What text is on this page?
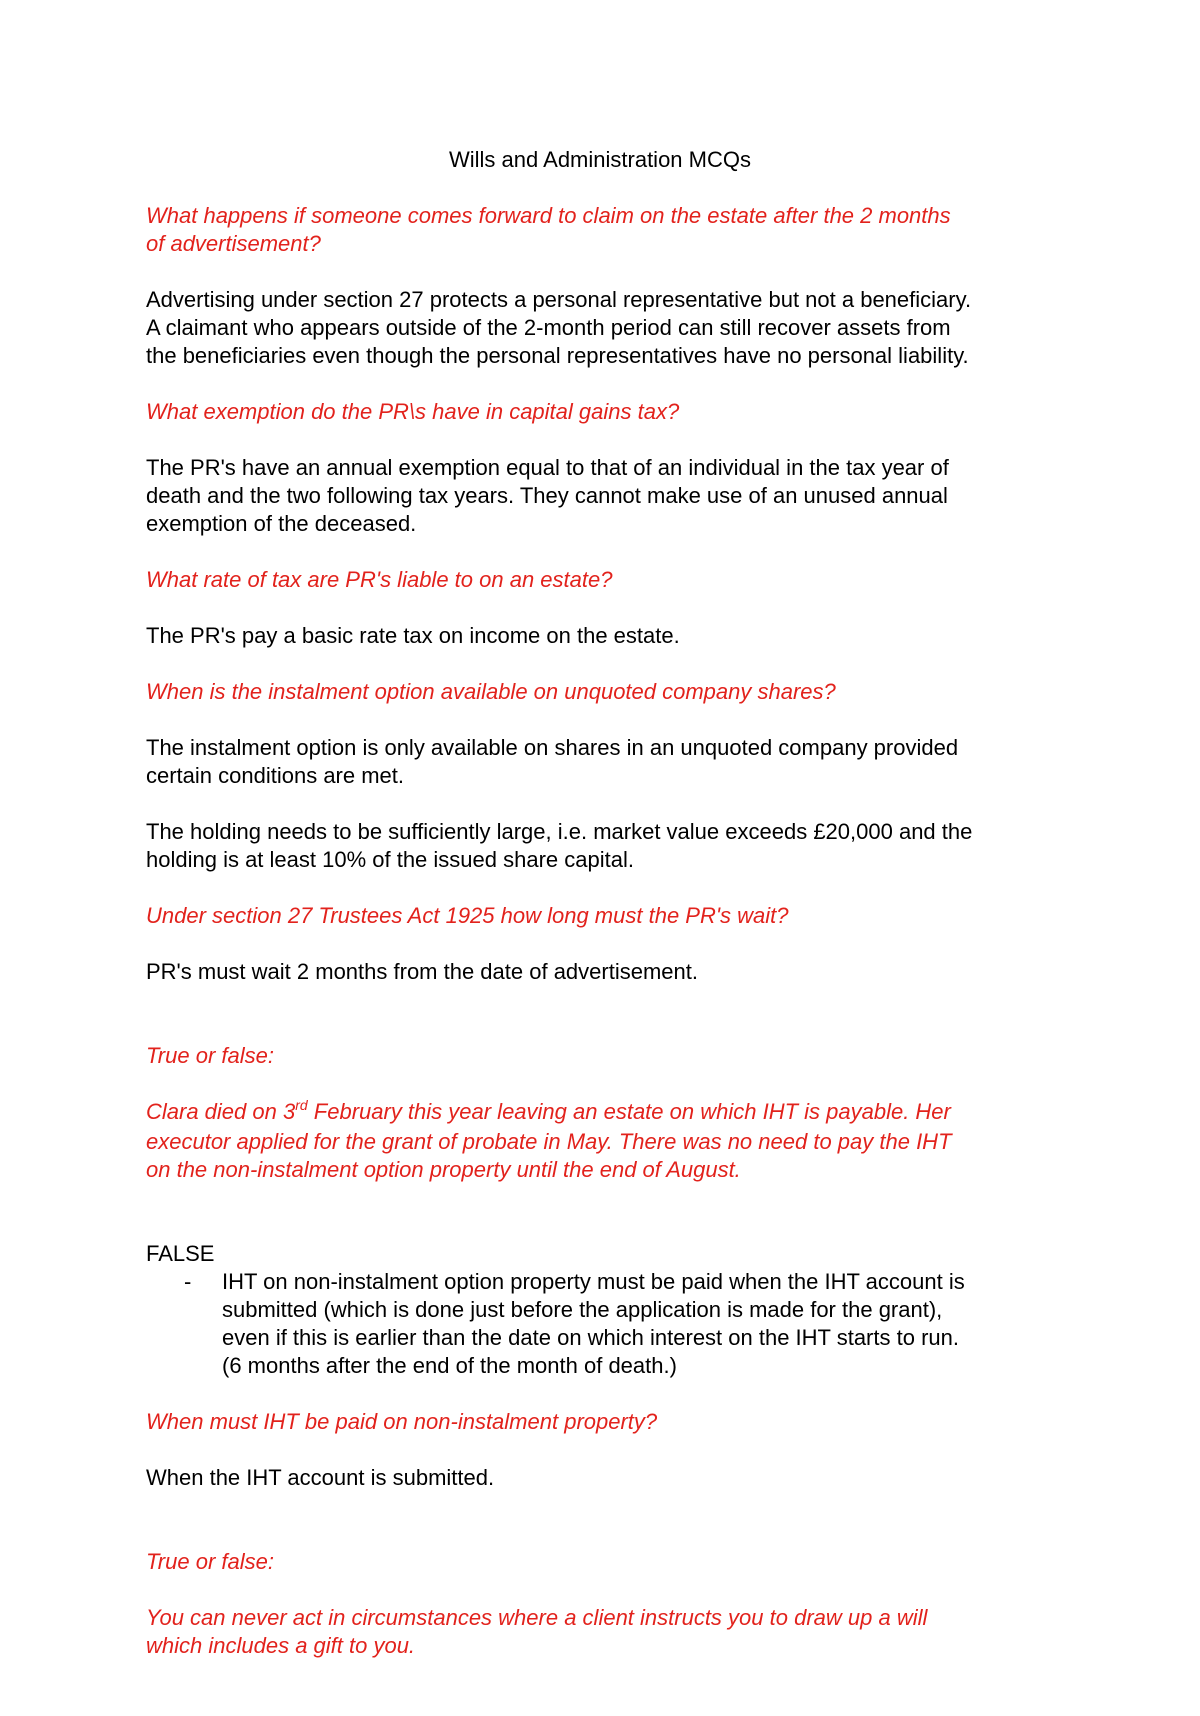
Wills and Administration MCQs

What happens if someone comes forward to claim on the estate after the 2 months
of advertisement?

Advertising under section 27 protects a personal representative but not a beneficiary.
A claimant who appears outside of the 2-month period can still recover assets from
the beneficiaries even though the personal representatives have no personal liability.

What exemption do the PR\s have in capital gains tax?

The PR's have an annual exemption equal to that of an individual in the tax year of
death and the two following tax years. They cannot make use of an unused annual
exemption of the deceased.

What rate of tax are PR's liable to on an estate?

The PR's pay a basic rate tax on income on the estate.

When is the instalment option available on unquoted company shares?

The instalment option is only available on shares in an unquoted company provided
certain conditions are met.

The holding needs to be sufficiently large, i.e. market value exceeds £20,000 and the
holding is at least 10% of the issued share capital.

Under section 27 Trustees Act 1925 how long must the PR's wait?

PR's must wait 2 months from the date of advertisement.

True or false:

Clara died on 3rd February this year leaving an estate on which IHT is payable. Her
executor applied for the grant of probate in May. There was no need to pay the IHT
on the non-instalment option property until the end of August.

FALSE
-	IHT on non-instalment option property must be paid when the IHT account is
submitted (which is done just before the application is made for the grant),
even if this is earlier than the date on which interest on the IHT starts to run.
(6 months after the end of the month of death.)

When must IHT be paid on non-instalment property?

When the IHT account is submitted.

True or false:

You can never act in circumstances where a client instructs you to draw up a will
which includes a gift to you.
